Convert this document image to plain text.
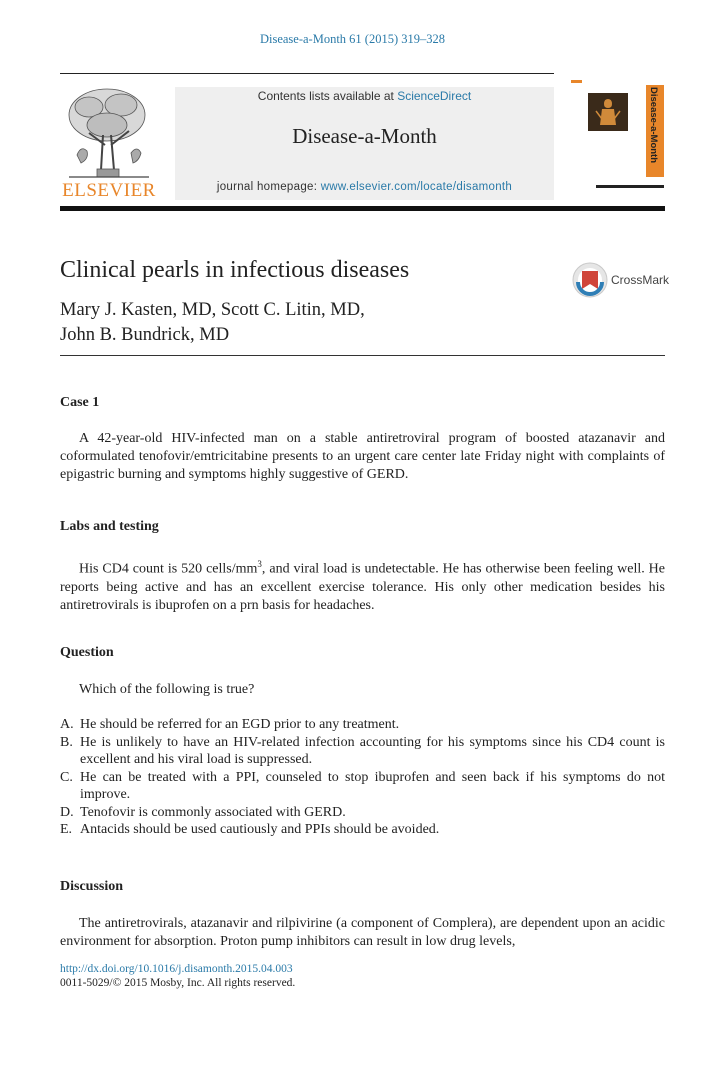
Disease-a-Month 61 (2015) 319–328
ELSEVIER
Contents lists available at ScienceDirect
Disease-a-Month
journal homepage: www.elsevier.com/locate/disamonth
Disease-a-Month
Clinical pearls in infectious diseases
Mary J. Kasten, MD, Scott C. Litin, MD,
John B. Bundrick, MD
CrossMark
Case 1

A 42-year-old HIV-infected man on a stable antiretroviral program of boosted atazanavir and coformulated tenofovir/emtricitabine presents to an urgent care center late Friday night with complaints of epigastric burning and symptoms highly suggestive of GERD.

Labs and testing

His CD4 count is 520 cells/$mm^3$, and viral load is undetectable. He has otherwise been feeling well. He reports being active and has an excellent exercise tolerance. His only other medication besides his antiretrovirals is ibuprofen on a prn basis for headaches.

Question

Which of the following is true?

A. He should be referred for an EGD prior to any treatment.
B. He is unlikely to have an HIV-related infection accounting for his symptoms since his CD4 count is excellent and his viral load is suppressed.
C. He can be treated with a PPI, counseled to stop ibuprofen and seen back if his symptoms do not improve.
D. Tenofovir is commonly associated with GERD.
E. Antacids should be used cautiously and PPIs should be avoided.
Discussion

The antiretrovirals, atazanavir and rilpivirine (a component of Complera), are dependent upon an acidic environment for absorption. Proton pump inhibitors can result in low drug levels,

http://dx.doi.org/10.1016/j.disamonth.2015.04.003
0011-5029/© 2015 Mosby, Inc. All rights reserved.
